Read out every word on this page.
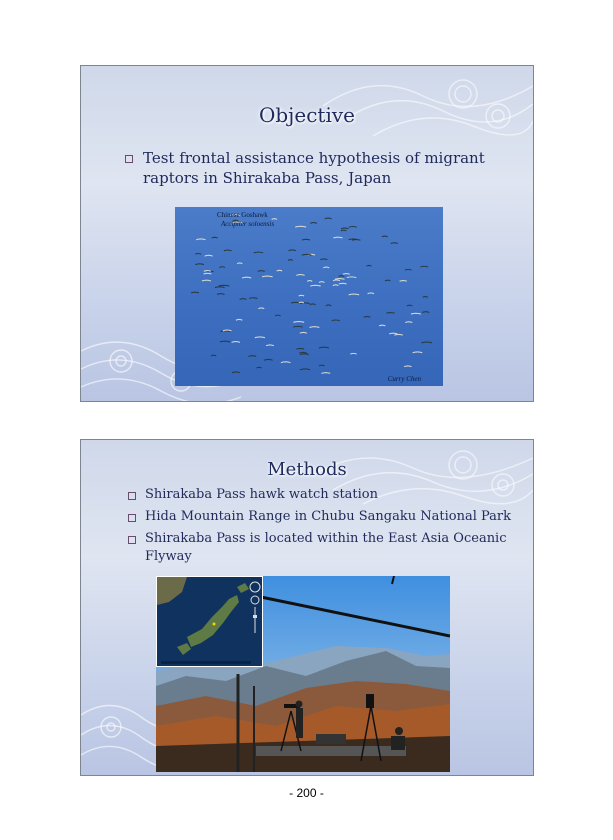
Objective
Test frontal assistance hypothesis of migrant raptors in Shirakaba Pass, Japan
Chinese Goshawk
Accipiter soloensis
Curry Chen
Methods
Shirakaba Pass hawk watch station
Hida Mountain Range in Chubu Sangaku National Park
Shirakaba Pass is located within the East Asia Oceanic Flyway
- 200 -
